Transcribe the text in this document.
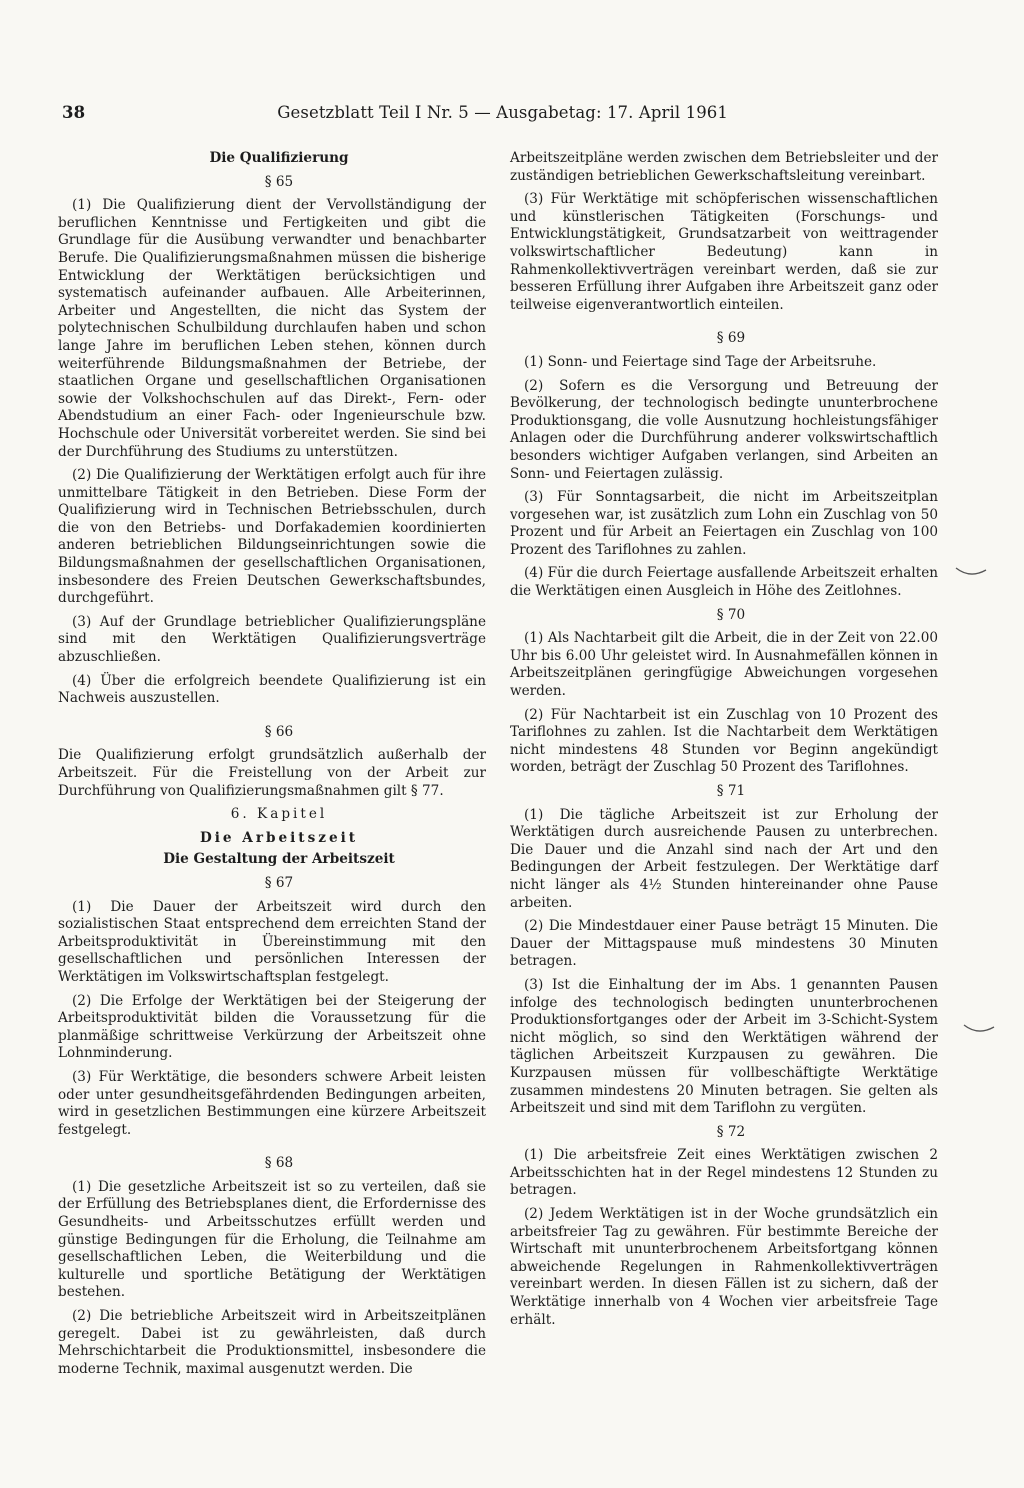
38	Gesetzblatt Teil I Nr. 5 — Ausgabetag: 17. April 1961

Die Qualifizierung

§ 65

(1) Die Qualifizierung dient der Vervollständigung der beruflichen Kenntnisse und Fertigkeiten und gibt die Grundlage für die Ausübung verwandter und benachbarter Berufe. Die Qualifizierungsmaßnahmen müssen die bisherige Entwicklung der Werktätigen berücksichtigen und systematisch aufeinander aufbauen. Alle Arbeiterinnen, Arbeiter und Angestellten, die nicht das System der polytechnischen Schulbildung durchlaufen haben und schon lange Jahre im beruflichen Leben stehen, können durch weiterführende Bildungsmaßnahmen der Betriebe, der staatlichen Organe und gesellschaftlichen Organisationen sowie der Volkshochschulen auf das Direkt-, Fern- oder Abendstudium an einer Fach- oder Ingenieurschule bzw. Hochschule oder Universität vorbereitet werden. Sie sind bei der Durchführung des Studiums zu unterstützen.

(2) Die Qualifizierung der Werktätigen erfolgt auch für ihre unmittelbare Tätigkeit in den Betrieben. Diese Form der Qualifizierung wird in Technischen Betriebsschulen, durch die von den Betriebs- und Dorfakademien koordinierten anderen betrieblichen Bildungseinrichtungen sowie die Bildungsmaßnahmen der gesellschaftlichen Organisationen, insbesondere des Freien Deutschen Gewerkschaftsbundes, durchgeführt.

(3) Auf der Grundlage betrieblicher Qualifizierungspläne sind mit den Werktätigen Qualifizierungsverträge abzuschließen.

(4) Über die erfolgreich beendete Qualifizierung ist ein Nachweis auszustellen.

§ 66

Die Qualifizierung erfolgt grundsätzlich außerhalb der Arbeitszeit. Für die Freistellung von der Arbeit zur Durchführung von Qualifizierungsmaßnahmen gilt § 77.

6. Kapitel

Die Arbeitszeit

Die Gestaltung der Arbeitszeit

§ 67

(1) Die Dauer der Arbeitszeit wird durch den sozialistischen Staat entsprechend dem erreichten Stand der Arbeitsproduktivität in Übereinstimmung mit den gesellschaftlichen und persönlichen Interessen der Werktätigen im Volkswirtschaftsplan festgelegt.

(2) Die Erfolge der Werktätigen bei der Steigerung der Arbeitsproduktivität bilden die Voraussetzung für die planmäßige schrittweise Verkürzung der Arbeitszeit ohne Lohnminderung.

(3) Für Werktätige, die besonders schwere Arbeit leisten oder unter gesundheitsgefährdenden Bedingungen arbeiten, wird in gesetzlichen Bestimmungen eine kürzere Arbeitszeit festgelegt.

§ 68

(1) Die gesetzliche Arbeitszeit ist so zu verteilen, daß sie der Erfüllung des Betriebsplanes dient, die Erfordernisse des Gesundheits- und Arbeitsschutzes erfüllt werden und günstige Bedingungen für die Erholung, die Teilnahme am gesellschaftlichen Leben, die Weiterbildung und die kulturelle und sportliche Betätigung der Werktätigen bestehen.

(2) Die betriebliche Arbeitszeit wird in Arbeitszeitplänen geregelt. Dabei ist zu gewährleisten, daß durch Mehrschichtarbeit die Produktionsmittel, insbesondere die moderne Technik, maximal ausgenutzt werden. Die

Arbeitszeitpläne werden zwischen dem Betriebsleiter und der zuständigen betrieblichen Gewerkschaftsleitung vereinbart.

(3) Für Werktätige mit schöpferischen wissenschaftlichen und künstlerischen Tätigkeiten (Forschungs- und Entwicklungstätigkeit, Grundsatzarbeit von weittragender volkswirtschaftlicher Bedeutung) kann in Rahmenkollektivverträgen vereinbart werden, daß sie zur besseren Erfüllung ihrer Aufgaben ihre Arbeitszeit ganz oder teilweise eigenverantwortlich einteilen.

§ 69

(1) Sonn- und Feiertage sind Tage der Arbeitsruhe.

(2) Sofern es die Versorgung und Betreuung der Bevölkerung, der technologisch bedingte ununterbrochene Produktionsgang, die volle Ausnutzung hochleistungsfähiger Anlagen oder die Durchführung anderer volkswirtschaftlich besonders wichtiger Aufgaben verlangen, sind Arbeiten an Sonn- und Feiertagen zulässig.

(3) Für Sonntagsarbeit, die nicht im Arbeitszeitplan vorgesehen war, ist zusätzlich zum Lohn ein Zuschlag von 50 Prozent und für Arbeit an Feiertagen ein Zuschlag von 100 Prozent des Tariflohnes zu zahlen.

(4) Für die durch Feiertage ausfallende Arbeitszeit erhalten die Werktätigen einen Ausgleich in Höhe des Zeitlohnes.

§ 70

(1) Als Nachtarbeit gilt die Arbeit, die in der Zeit von 22.00 Uhr bis 6.00 Uhr geleistet wird. In Ausnahmefällen können in Arbeitszeitplänen geringfügige Abweichungen vorgesehen werden.

(2) Für Nachtarbeit ist ein Zuschlag von 10 Prozent des Tariflohnes zu zahlen. Ist die Nachtarbeit dem Werktätigen nicht mindestens 48 Stunden vor Beginn angekündigt worden, beträgt der Zuschlag 50 Prozent des Tariflohnes.

§ 71

(1) Die tägliche Arbeitszeit ist zur Erholung der Werktätigen durch ausreichende Pausen zu unterbrechen. Die Dauer und die Anzahl sind nach der Art und den Bedingungen der Arbeit festzulegen. Der Werktätige darf nicht länger als 4½ Stunden hintereinander ohne Pause arbeiten.

(2) Die Mindestdauer einer Pause beträgt 15 Minuten. Die Dauer der Mittagspause muß mindestens 30 Minuten betragen.

(3) Ist die Einhaltung der im Abs. 1 genannten Pausen infolge des technologisch bedingten ununterbrochenen Produktionsfortganges oder der Arbeit im 3-Schicht-System nicht möglich, so sind den Werktätigen während der täglichen Arbeitszeit Kurzpausen zu gewähren. Die Kurzpausen müssen für vollbeschäftigte Werktätige zusammen mindestens 20 Minuten betragen. Sie gelten als Arbeitszeit und sind mit dem Tariflohn zu vergüten.

§ 72

(1) Die arbeitsfreie Zeit eines Werktätigen zwischen 2 Arbeitsschichten hat in der Regel mindestens 12 Stunden zu betragen.

(2) Jedem Werktätigen ist in der Woche grundsätzlich ein arbeitsfreier Tag zu gewähren. Für bestimmte Bereiche der Wirtschaft mit ununterbrochenem Arbeitsfortgang können abweichende Regelungen in Rahmenkollektivverträgen vereinbart werden. In diesen Fällen ist zu sichern, daß der Werktätige innerhalb von 4 Wochen vier arbeitsfreie Tage erhält.
